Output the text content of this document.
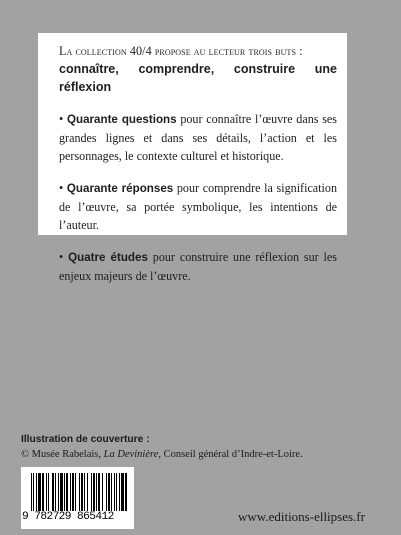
La collection 40/4 propose au lecteur trois buts :
connaître, comprendre, construire une réflexion

• Quarante questions pour connaître l’œuvre dans ses grandes lignes et dans ses détails, l’action et les personnages, le contexte culturel et historique.

• Quarante réponses pour comprendre la signification de l’œuvre, sa portée symbolique, les intentions de l’auteur.

• Quatre études pour construire une réflexion sur les enjeux majeurs de l’œuvre.

Illustration de couverture :
© Musée Rabelais, La Devinière, Conseil général d’Indre-et-Loire.
9 782729 865412	www.editions-ellipses.fr
